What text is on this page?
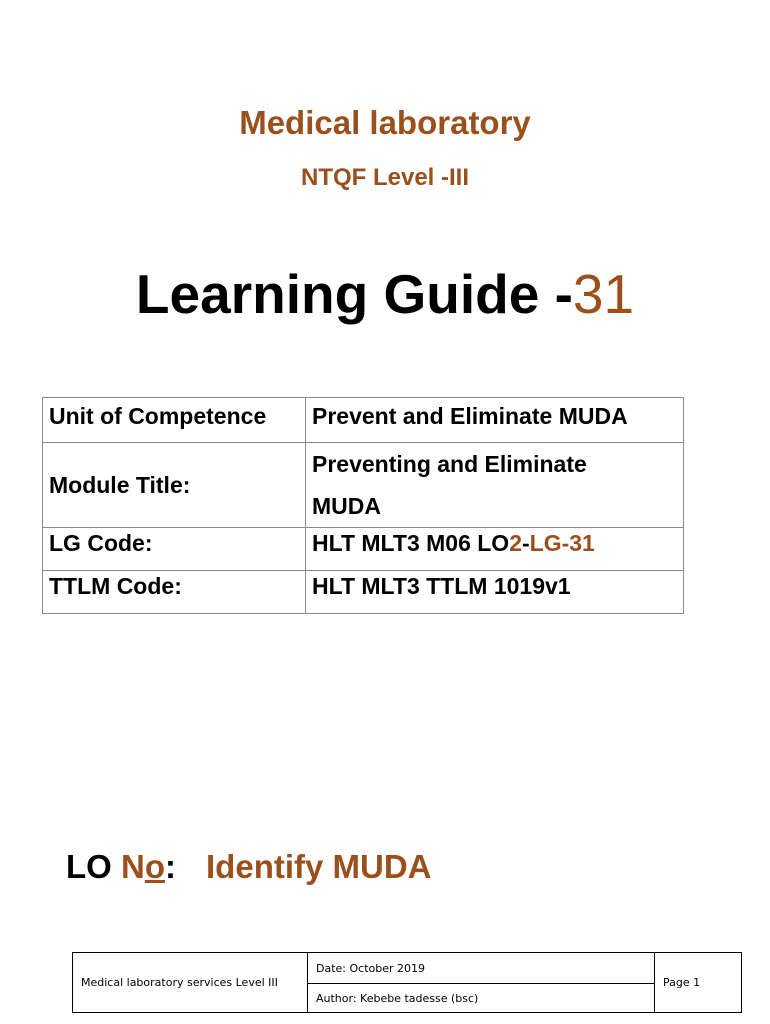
Medical laboratory
NTQF Level -III
Learning Guide -31
Unit of Competence	Prevent and Eliminate MUDA
Module Title:	Preventing and Eliminate
MUDA
LG Code:	HLT MLT3 M06 LO2-LG-31
TTLM Code:	HLT MLT3 TTLM 1019v1
LO No: Identify MUDA
Medical laboratory services Level III	Date: October 2019	Page 1
Author: Kebebe tadesse (bsc)
